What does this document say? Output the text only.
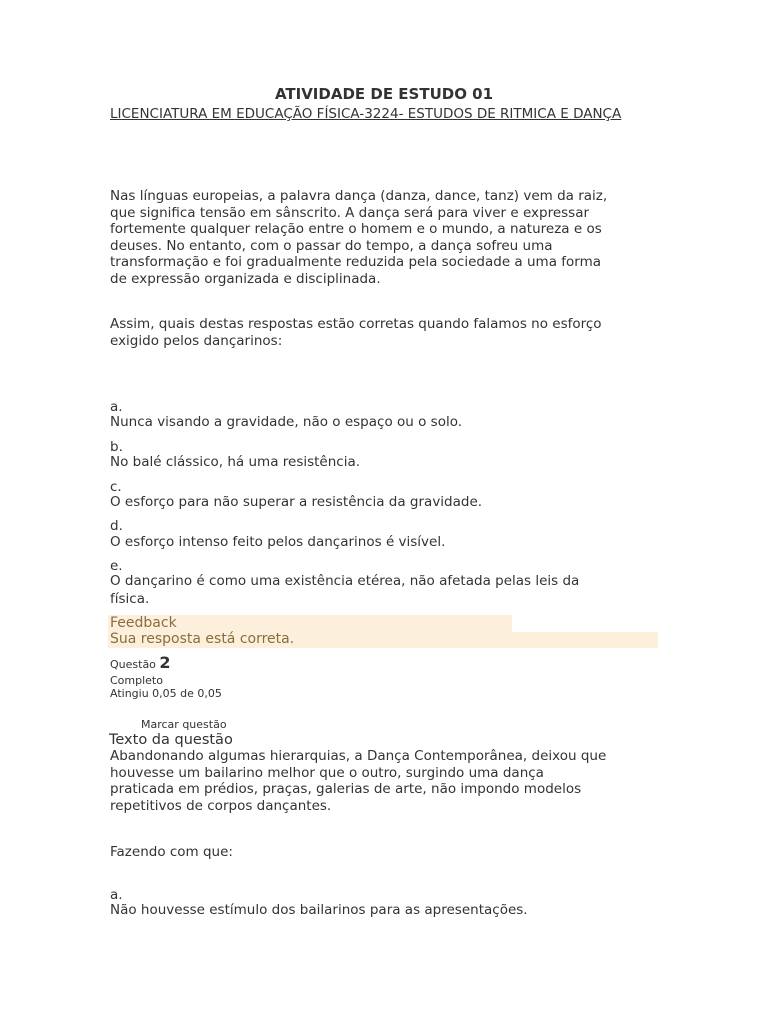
ATIVIDADE DE ESTUDO 01
LICENCIATURA EM EDUCAÇÃO FÍSICA-3224- ESTUDOS DE RITMICA E DANÇA
Nas línguas europeias, a palavra dança (danza, dance, tanz) vem da raiz,
que significa tensão em sânscrito. A dança será para viver e expressar
fortemente qualquer relação entre o homem e o mundo, a natureza e os
deuses. No entanto, com o passar do tempo, a dança sofreu uma
transformação e foi gradualmente reduzida pela sociedade a uma forma
de expressão organizada e disciplinada.
Assim, quais destas respostas estão corretas quando falamos no esforço
exigido pelos dançarinos:
a.
Nunca visando a gravidade, não o espaço ou o solo.
b.
No balé clássico, há uma resistência.
c.
O esforço para não superar a resistência da gravidade.
d.
O esforço intenso feito pelos dançarinos é visível.
e.
O dançarino é como uma existência etérea, não afetada pelas leis da
física.
Feedback
Sua resposta está correta.
Questão 2
Completo
Atingiu 0,05 de 0,05
Marcar questão
Texto da questão
Abandonando algumas hierarquias, a Dança Contemporânea, deixou que
houvesse um bailarino melhor que o outro, surgindo uma dança
praticada em prédios, praças, galerias de arte, não impondo modelos
repetitivos de corpos dançantes.
Fazendo com que:
a.
Não houvesse estímulo dos bailarinos para as apresentações.
